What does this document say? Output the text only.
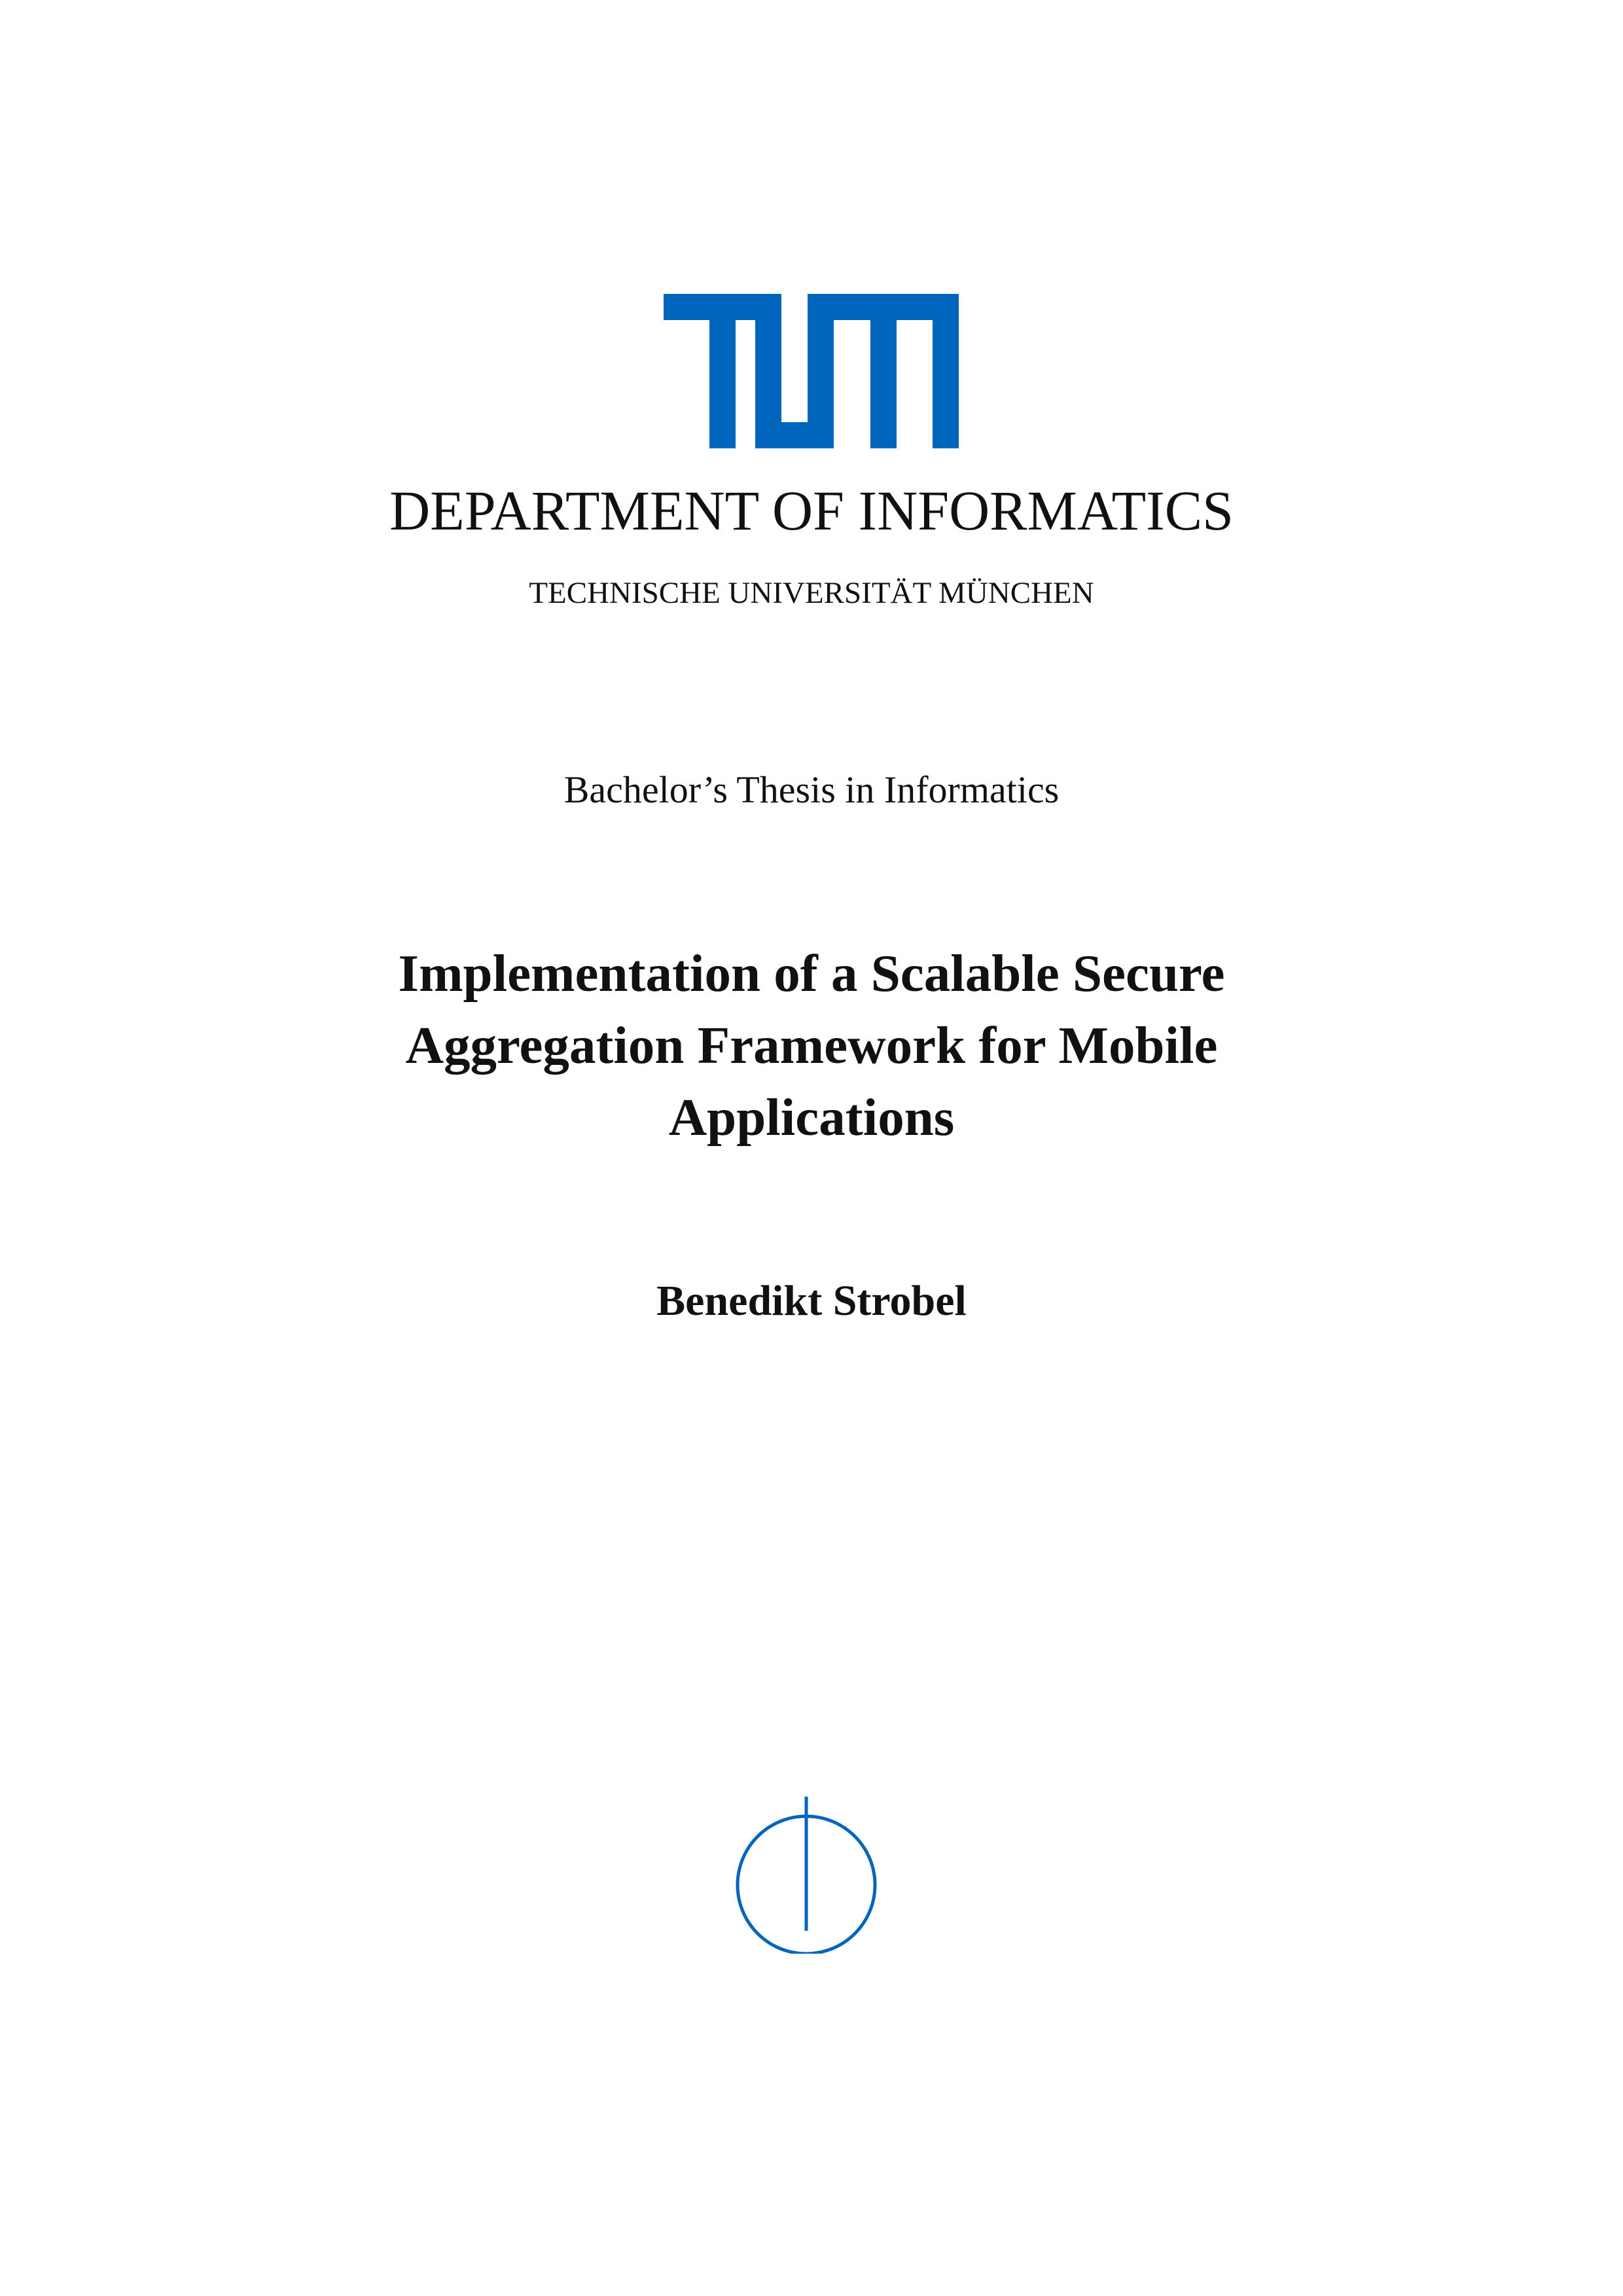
DEPARTMENT OF INFORMATICS
TECHNISCHE UNIVERSITÄT MÜNCHEN
Bachelor’s Thesis in Informatics
Implementation of a Scalable Secure
Aggregation Framework for Mobile
Applications
Benedikt Strobel
